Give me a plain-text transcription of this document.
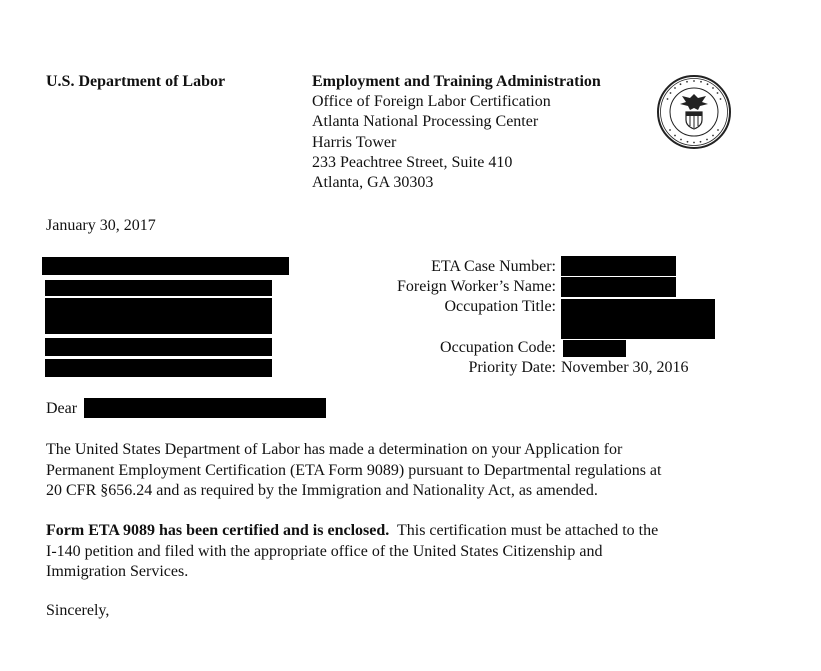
U.S. Department of Labor	Employment and Training Administration
Office of Foreign Labor Certification
Atlanta National Processing Center
Harris Tower
233 Peachtree Street, Suite 410
Atlanta, GA 30303
January 30, 2017
ETA Case Number:
Foreign Worker’s Name:
Occupation Title:
Occupation Code:
Priority Date: November 30, 2016
Dear
The United States Department of Labor has made a determination on your Application for
Permanent Employment Certification (ETA Form 9089) pursuant to Departmental regulations at
20 CFR §656.24 and as required by the Immigration and Nationality Act, as amended.
Form ETA 9089 has been certified and is enclosed. This certification must be attached to the
I-140 petition and filed with the appropriate office of the United States Citizenship and
Immigration Services.
Sincerely,
